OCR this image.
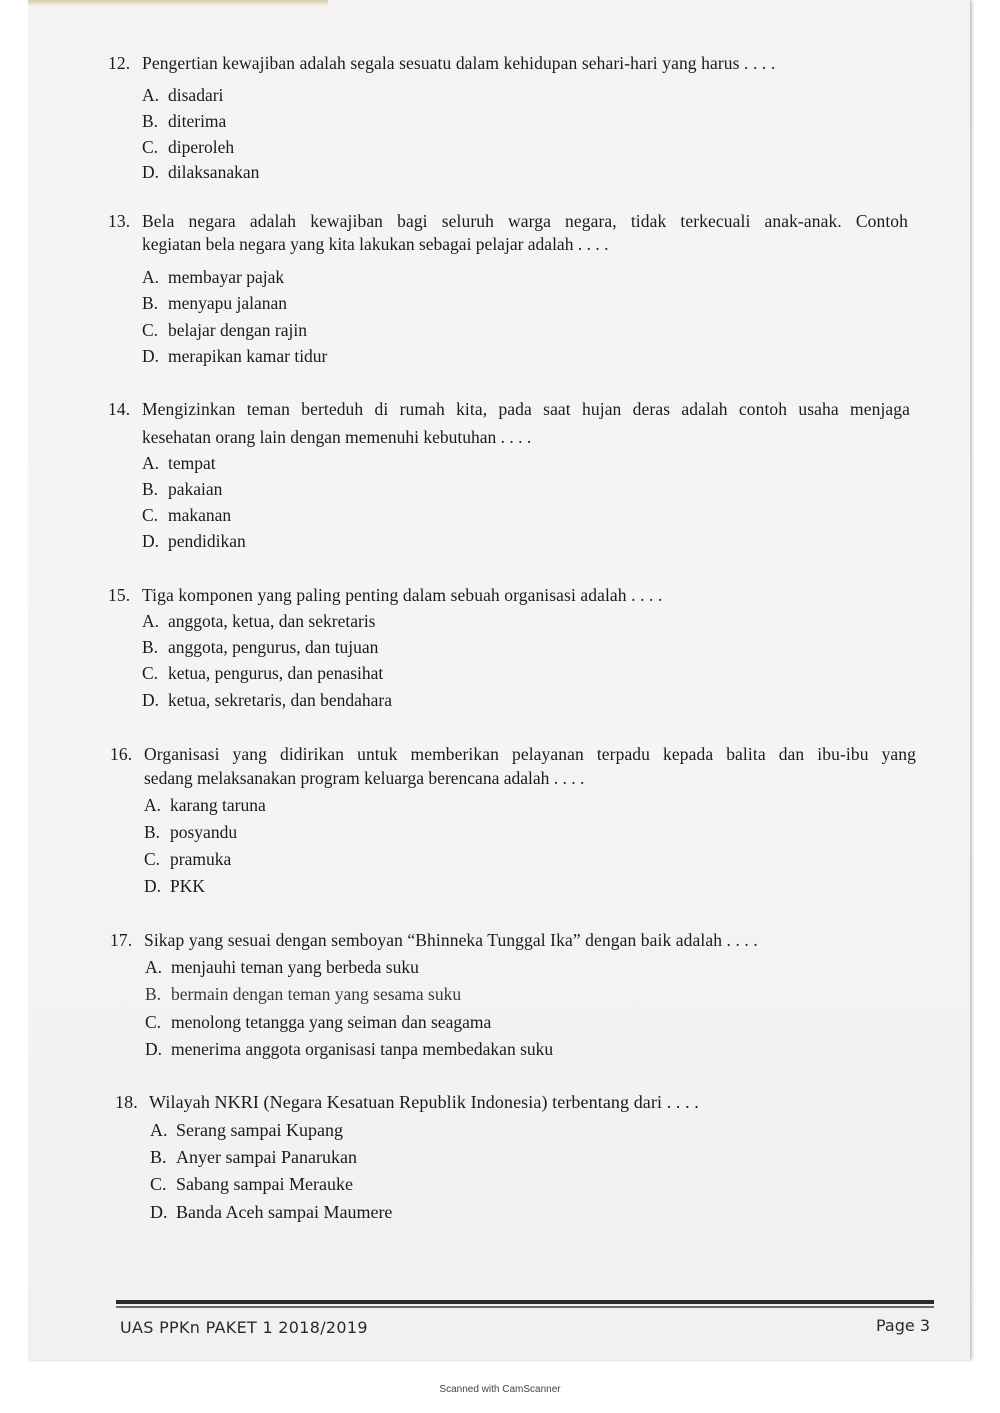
12. Pengertian kewajiban adalah segala sesuatu dalam kehidupan sehari-hari yang harus . . . .
A. disadari
B. diterima
C. diperoleh
D. dilaksanakan
13. Bela negara adalah kewajiban bagi seluruh warga negara, tidak terkecuali anak-anak. Contoh
kegiatan bela negara yang kita lakukan sebagai pelajar adalah . . . .
A. membayar pajak
B. menyapu jalanan
C. belajar dengan rajin
D. merapikan kamar tidur
14. Mengizinkan teman berteduh di rumah kita, pada saat hujan deras adalah contoh usaha menjaga
kesehatan orang lain dengan memenuhi kebutuhan . . . .
A. tempat
B. pakaian
C. makanan
D. pendidikan
15. Tiga komponen yang paling penting dalam sebuah organisasi adalah . . . .
A. anggota, ketua, dan sekretaris
B. anggota, pengurus, dan tujuan
C. ketua, pengurus, dan penasihat
D. ketua, sekretaris, dan bendahara
16. Organisasi yang didirikan untuk memberikan pelayanan terpadu kepada balita dan ibu-ibu yang
sedang melaksanakan program keluarga berencana adalah . . . .
A. karang taruna
B. posyandu
C. pramuka
D. PKK
17. Sikap yang sesuai dengan semboyan “Bhinneka Tunggal Ika” dengan baik adalah . . . .
A. menjauhi teman yang berbeda suku
B. bermain dengan teman yang sesama suku
C. menolong tetangga yang seiman dan seagama
D. menerima anggota organisasi tanpa membedakan suku
18. Wilayah NKRI (Negara Kesatuan Republik Indonesia) terbentang dari . . . .
A. Serang sampai Kupang
B. Anyer sampai Panarukan
C. Sabang sampai Merauke
D. Banda Aceh sampai Maumere
UAS PPKn PAKET 1 2018/2019	Page 3
Scanned with CamScanner
